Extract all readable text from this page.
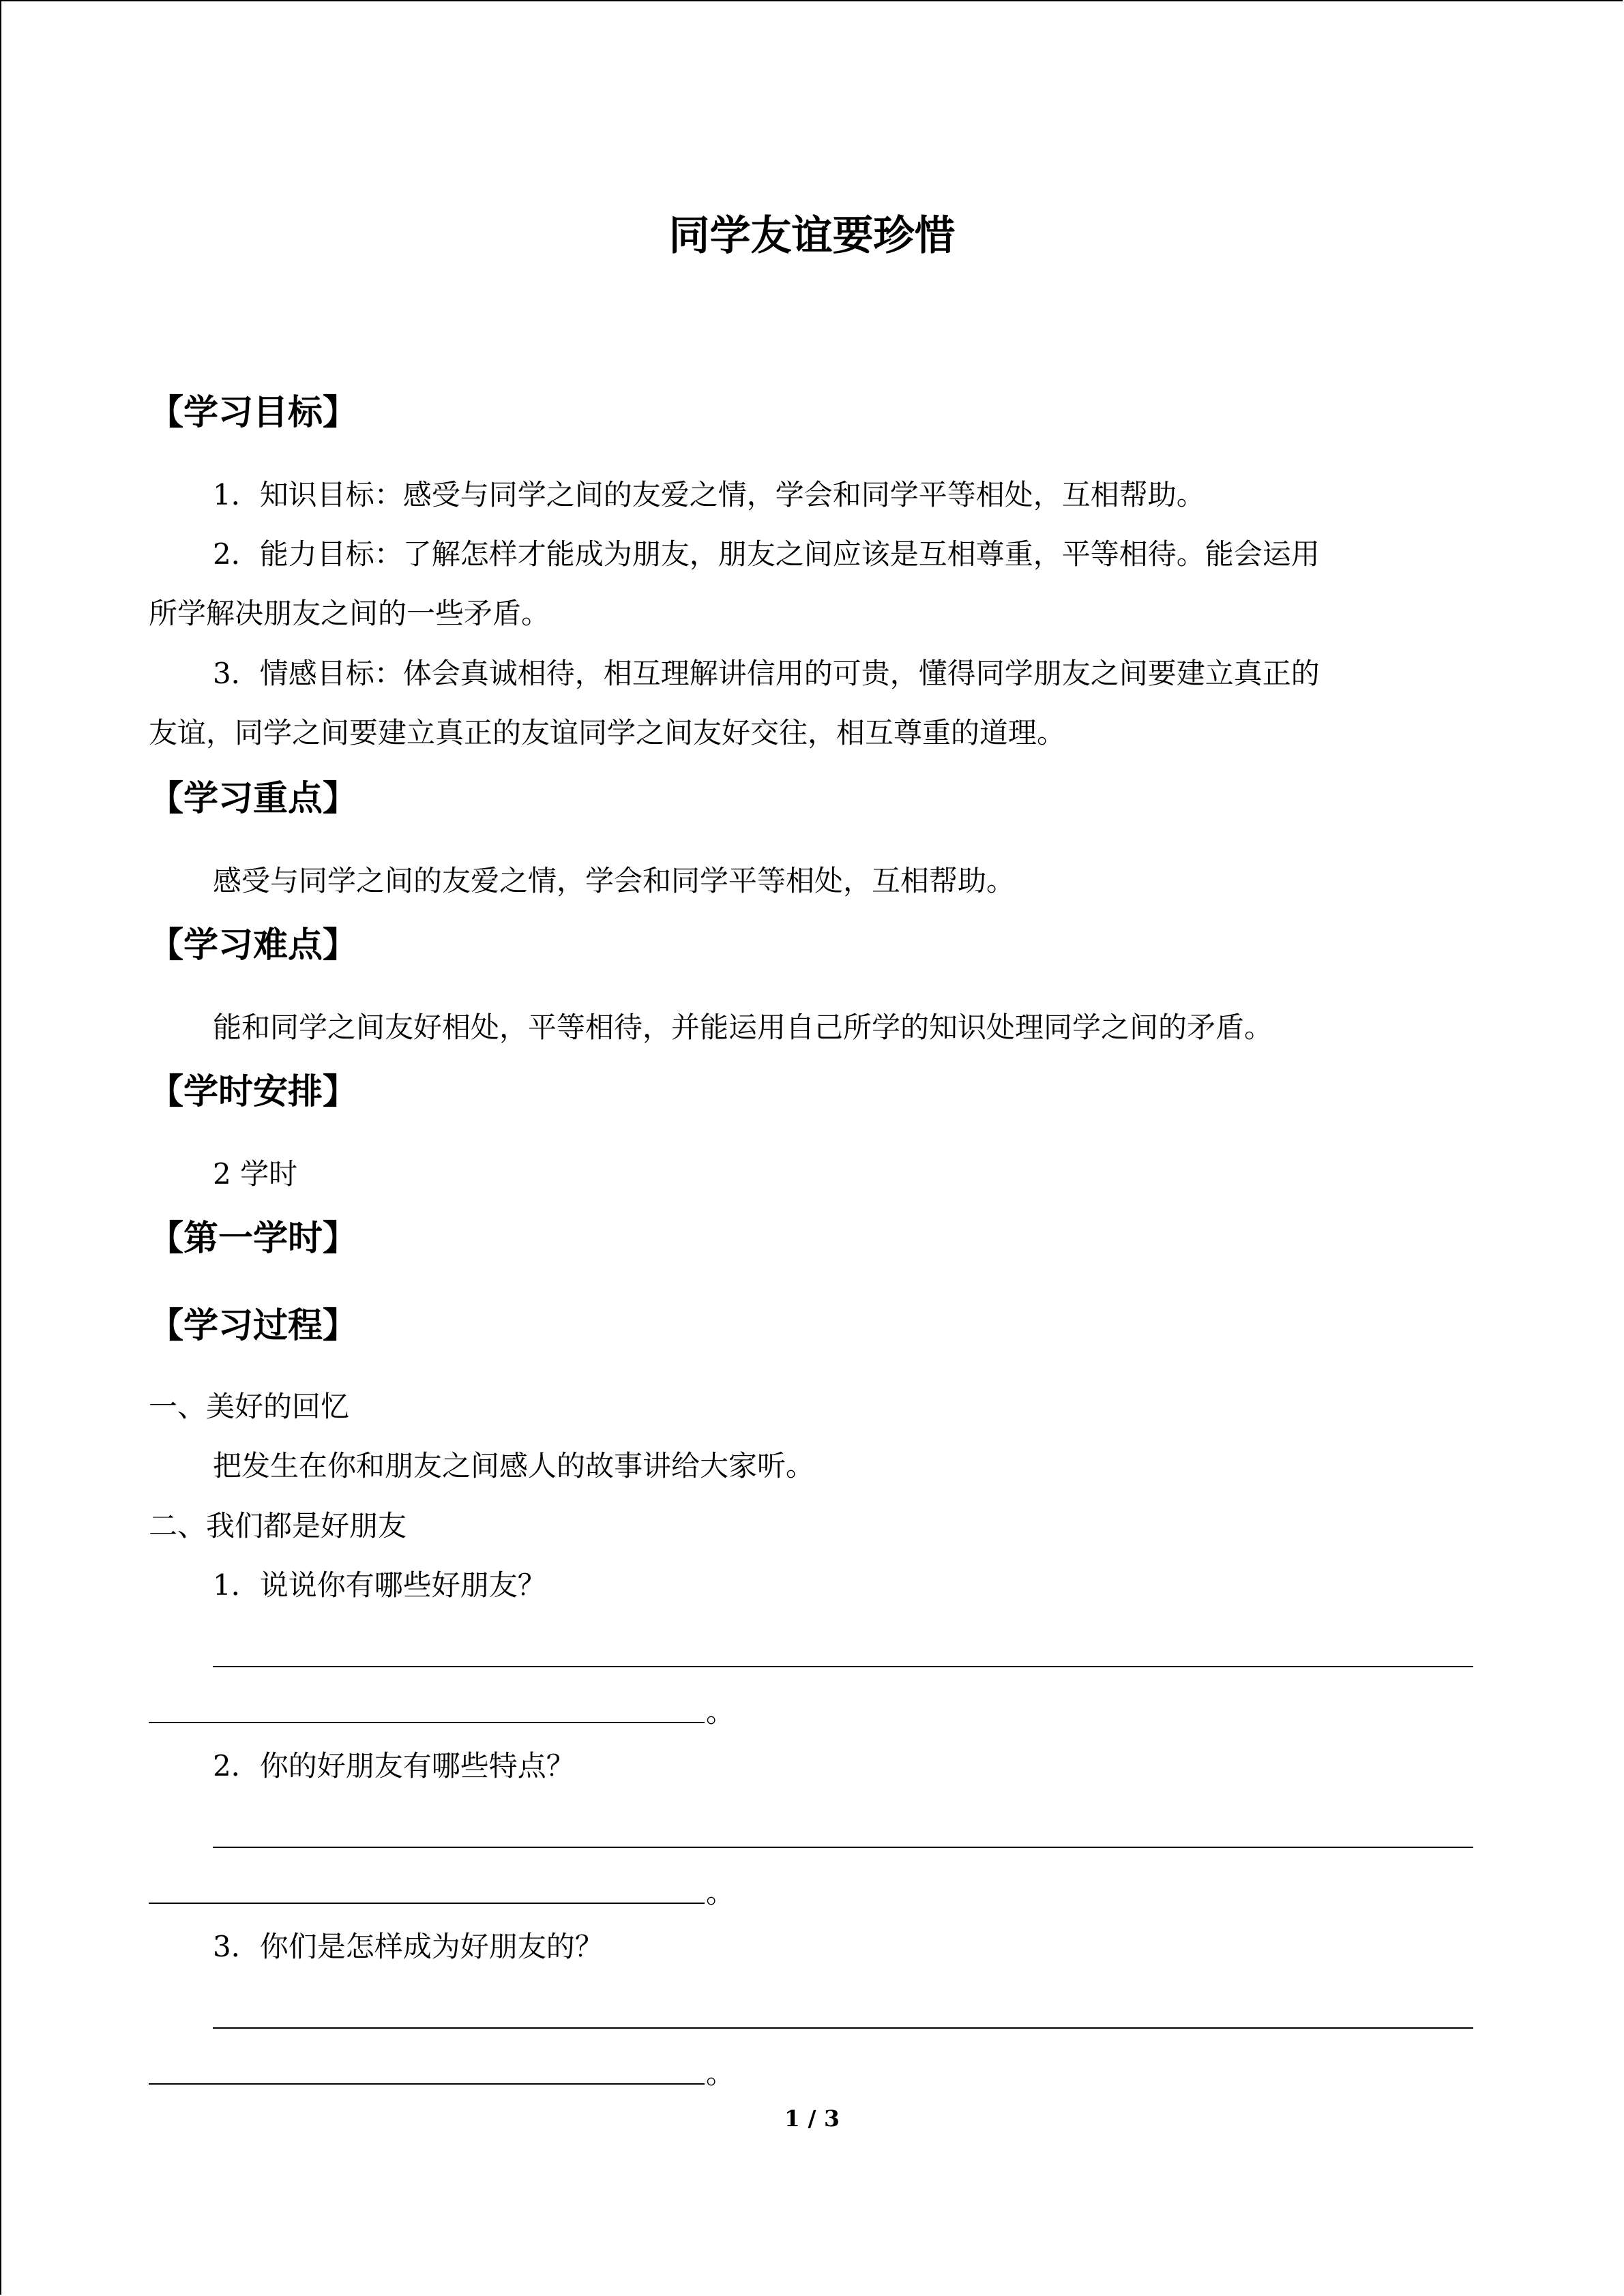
同学友谊要珍惜
【学习目标】
1．知识目标：感受与同学之间的友爱之情，学会和同学平等相处，互相帮助。
2．能力目标：了解怎样才能成为朋友，朋友之间应该是互相尊重，平等相待。能会运用
所学解决朋友之间的一些矛盾。
3．情感目标：体会真诚相待，相互理解讲信用的可贵，懂得同学朋友之间要建立真正的
友谊，同学之间要建立真正的友谊同学之间友好交往，相互尊重的道理。
【学习重点】
感受与同学之间的友爱之情，学会和同学平等相处，互相帮助。
【学习难点】
能和同学之间友好相处，平等相待，并能运用自己所学的知识处理同学之间的矛盾。
【学时安排】
2 学时
【第一学时】
【学习过程】
一、美好的回忆
把发生在你和朋友之间感人的故事讲给大家听。
二、我们都是好朋友
1．说说你有哪些好朋友？
。
2．你的好朋友有哪些特点？
。
3．你们是怎样成为好朋友的？
。
1 / 3
